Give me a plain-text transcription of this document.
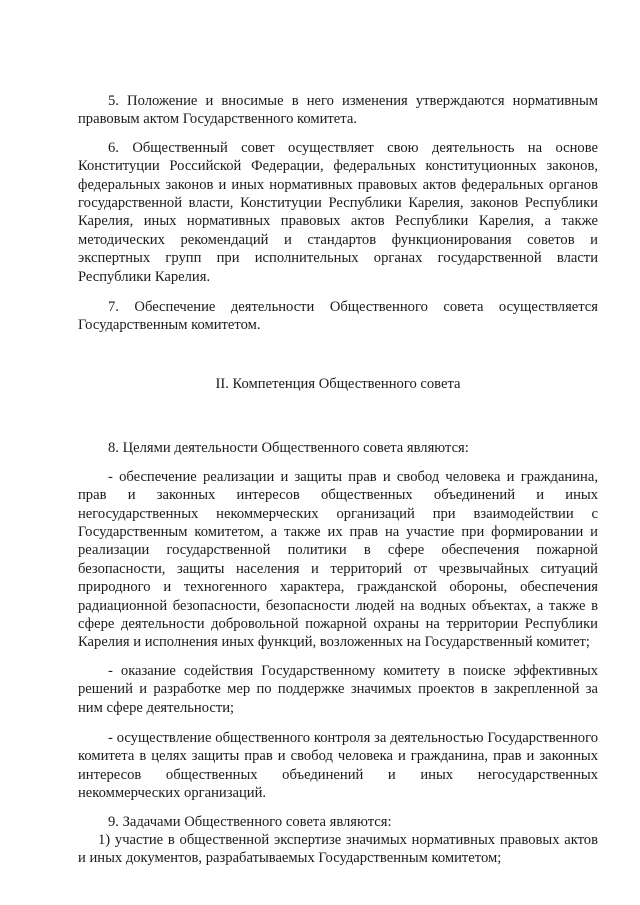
5. Положение и вносимые в него изменения утверждаются нормативным правовым актом Государственного комитета.

6. Общественный совет осуществляет свою деятельность на основе Конституции Российской Федерации, федеральных конституционных законов, федеральных законов и иных нормативных правовых актов федеральных органов государственной власти, Конституции Республики Карелия, законов Республики Карелия, иных нормативных правовых актов Республики Карелия, а также методических рекомендаций и стандартов функционирования советов и экспертных групп при исполнительных органах государственной власти Республики Карелия.

7. Обеспечение деятельности Общественного совета осуществляется Государственным комитетом.

II. Компетенция Общественного совета

8. Целями деятельности Общественного совета являются:

- обеспечение реализации и защиты прав и свобод человека и гражданина, прав и законных интересов общественных объединений и иных негосударственных некоммерческих организаций при взаимодействии с Государственным комитетом, а также их прав на участие при формировании и реализации государственной политики в сфере обеспечения пожарной безопасности, защиты населения и территорий от чрезвычайных ситуаций природного и техногенного характера, гражданской обороны, обеспечения радиационной безопасности, безопасности людей на водных объектах, а также в сфере деятельности добровольной пожарной охраны на территории Республики Карелия и исполнения иных функций, возложенных на Государственный комитет;

- оказание содействия Государственному комитету в поиске эффективных решений и разработке мер по поддержке значимых проектов в закрепленной за ним сфере деятельности;

- осуществление общественного контроля за деятельностью Государственного комитета в целях защиты прав и свобод человека и гражданина, прав и законных интересов общественных объединений и иных негосударственных некоммерческих организаций.

9. Задачами Общественного совета являются:

1) участие в общественной экспертизе значимых нормативных правовых актов и иных документов, разрабатываемых Государственным комитетом;
